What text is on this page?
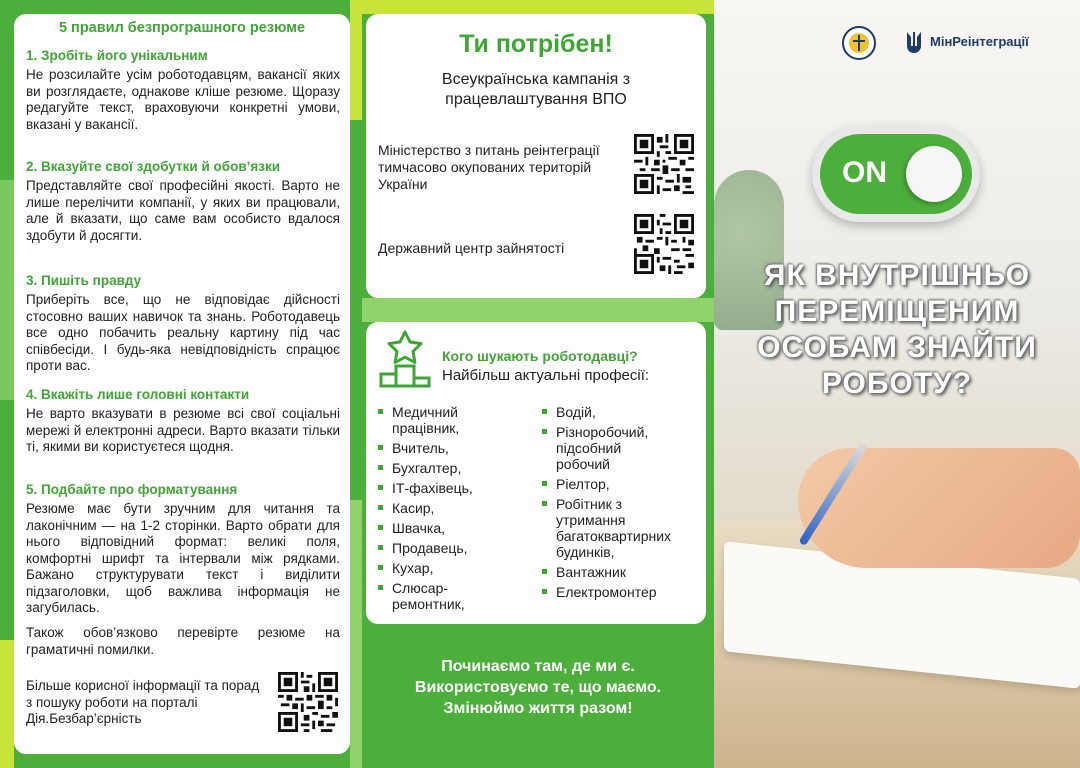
5 правил безпрограшного резюме
1. Зробіть його унікальним
Не розсилайте усім роботодавцям, вакансії яких ви розглядаєте, однакове кліше резюме. Щоразу редагуйте текст, враховуючи конкретні умови, вказані у вакансії.
2. Вказуйте свої здобутки й обов’язки
Представляйте свої професійні якості. Варто не лише перелічити компанії, у яких ви працювали, але й вказати, що саме вам особисто вдалося здобути й досягти.
3. Пишіть правду
Приберіть все, що не відповідає дійсності стосовно ваших навичок та знань. Роботодавець все одно побачить реальну картину під час співбесіди. І будь-яка невідповідність спрацює проти вас.
4. Вкажіть лише головні контакти
Не варто вказувати в резюме всі свої соціальні мережі й електронні адреси. Варто вказати тільки ті, якими ви користуєтеся щодня.
5. Подбайте про форматування
Резюме має бути зручним для читання та лаконічним — на 1-2 сторінки. Варто обрати для нього відповідний формат: великі поля, комфортні шрифт та інтервали між рядками. Бажано структурувати текст і виділити підзаголовки, щоб важлива інформація не загубилась.
Також обов’язково перевірте резюме на граматичні помилки.
Більше корисної інформації та порад з пошуку роботи на порталі Дія.Безбар’єрність
Ти потрібен!
Всеукраїнська кампанія з працевлаштування ВПО
Міністерство з питань реінтеграції тимчасово окупованих територій України
Державний центр зайнятості
Кого шукають роботодавці?
Найбільш актуальні професії:
Медичний працівник,
Вчитель,
Бухгалтер,
ІТ-фахівець,
Касир,
Швачка,
Продавець,
Кухар,
Слюсар-ремонтник,
Водій,
Різноробочий, підсобний робочий
Ріелтор,
Робітник з утримання багатоквартирних будинків,
Вантажник
Електромонтер
Починаємо там, де ми є.
Використовуємо те, що маємо.
Змінюймо життя разом!
МінРеінтеграції
ON
ЯК ВНУТРІШНЬО
ПЕРЕМІЩЕНИМ
ОСОБАМ ЗНАЙТИ
РОБОТУ?
